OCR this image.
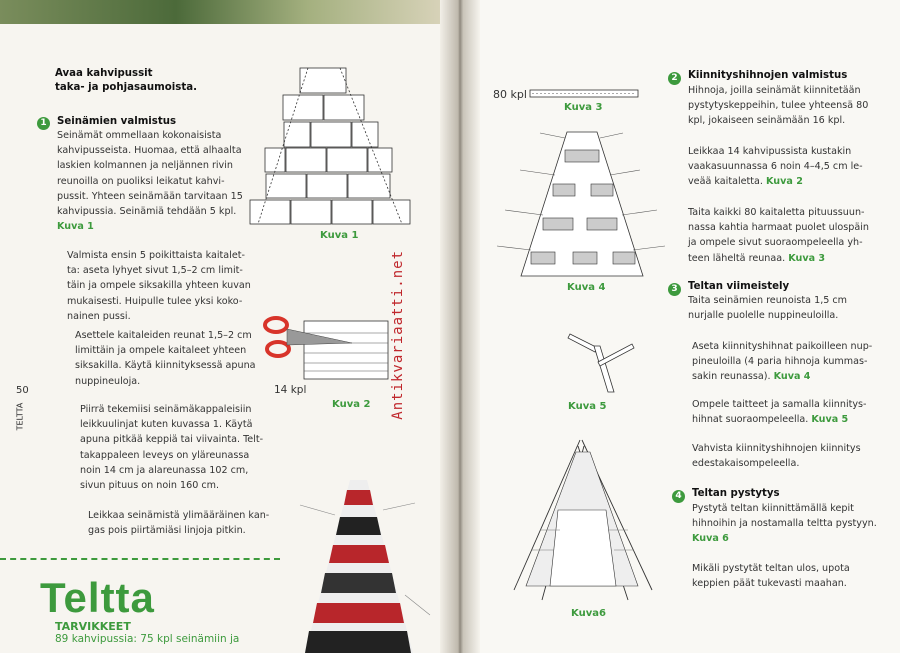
Avaa kahvipussit
taka- ja pohjasaumoista.
1	Seinämien valmistus
Seinämät ommellaan kokonaisista
kahvipusseista. Huomaa, että alhaalta
laskien kolmannen ja neljännen rivin
reunoilla on puoliksi leikatut kahvi-
pussit. Yhteen seinämään tarvitaan 15
kahvipussia. Seinämiä tehdään 5 kpl.
Kuva 1
Valmista ensin 5 poikittaista kaitalet-
ta: aseta lyhyet sivut 1,5–2 cm limit-
täin ja ompele siksakilla yhteen kuvan
mukaisesti. Huipulle tulee yksi koko-
nainen pussi.
Asettele kaitaleiden reunat 1,5–2 cm
limittäin ja ompele kaitaleet yhteen
siksakilla. Käytä kiinnityksessä apuna
nuppineuloja.
Piirrä tekemiisi seinämäkappaleisiin
leikkuulinjat kuten kuvassa 1. Käytä
apuna pitkää keppiä tai viivainta. Telt-
takappaleen leveys on yläreunassa
noin 14 cm ja alareunassa 102 cm,
sivun pituus on noin 160 cm.
Leikkaa seinämistä ylimääräinen kan-
gas pois piirtämiäsi linjoja pitkin.
50
TELTTA
Teltta
TARVIKKEET
89 kahvipussia: 75 kpl seinämiin ja
Antikvariaatti.net
Kuva 1
14 kpl
Kuva 2
80 kpl
Kuva 3
Kuva 4
Kuva 5
Kuva6
2	Kiinnityshihnojen valmistus
Hihnoja, joilla seinämät kiinnitetään
pystytyskeppeihin, tulee yhteensä 80
kpl, jokaiseen seinämään 16 kpl.
Leikkaa 14 kahvipussista kustakin
vaakasuunnassa 6 noin 4–4,5 cm le-
veää kaitaletta. Kuva 2
Taita kaikki 80 kaitaletta pituussuun-
nassa kahtia harmaat puolet ulospäin
ja ompele sivut suoraompeleella yh-
teen läheltä reunaa. Kuva 3
3	Teltan viimeistely
Taita seinämien reunoista 1,5 cm
nurjalle puolelle nuppineuloilla.
Aseta kiinnityshihnat paikoilleen nup-
pineuloilla (4 paria hihnoja kummas-
sakin reunassa). Kuva 4
Ompele taitteet ja samalla kiinnitys-
hihnat suoraompeleella. Kuva 5
Vahvista kiinnityshihnojen kiinnitys
edestakaisompeleella.
4	Teltan pystytys
Pystytä teltan kiinnittämällä kepit
hihnoihin ja nostamalla teltta pystyyn.
Kuva 6
Mikäli pystytät teltan ulos, upota
keppien päät tukevasti maahan.
